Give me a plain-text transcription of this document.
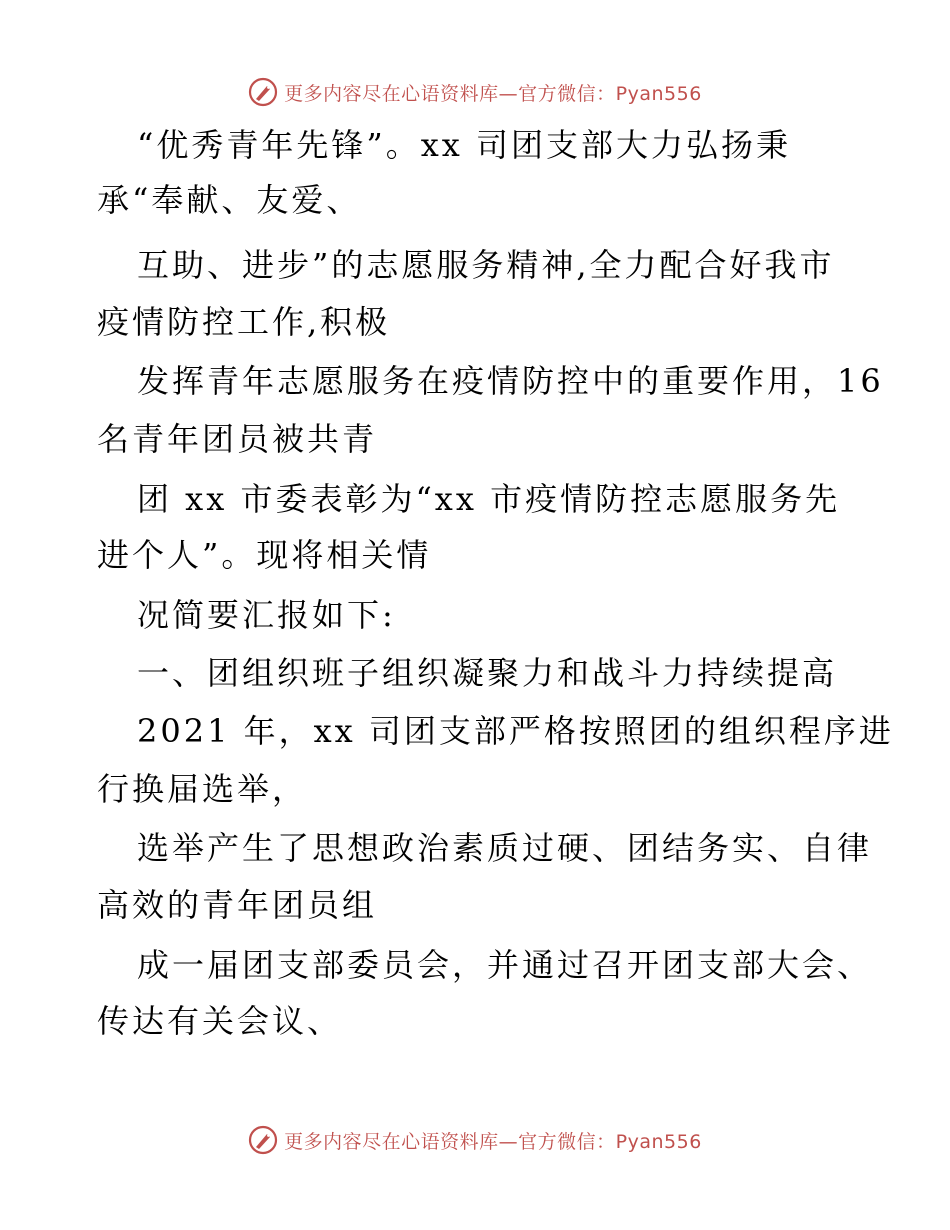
更多内容尽在心语资料库—官方微信：Pyan556
“优秀青年先锋”。xx 司团支部大力弘扬秉
承“奉献、友爱、
互助、进步”的志愿服务精神,全力配合好我市
疫情防控工作,积极
发挥青年志愿服务在疫情防控中的重要作用，16
名青年团员被共青
团 xx 市委表彰为“xx 市疫情防控志愿服务先
进个人”。现将相关情
况简要汇报如下:
一、团组织班子组织凝聚力和战斗力持续提高
2021 年，xx 司团支部严格按照团的组织程序进
行换届选举，
选举产生了思想政治素质过硬、团结务实、自律
高效的青年团员组
成一届团支部委员会，并通过召开团支部大会、
传达有关会议、
更多内容尽在心语资料库—官方微信：Pyan556
